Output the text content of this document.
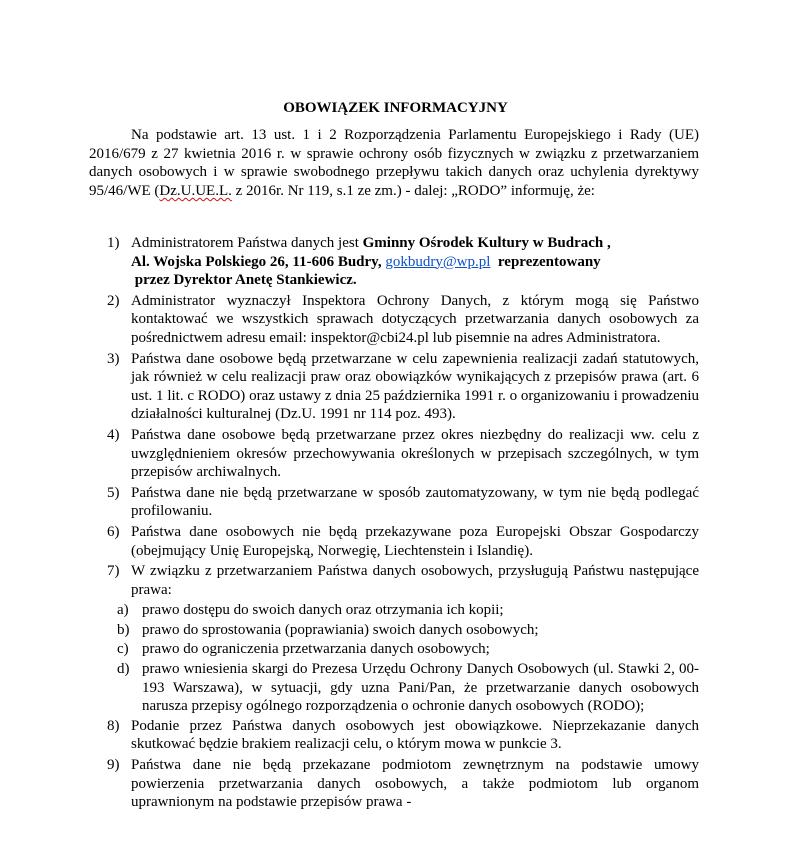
OBOWIĄZEK INFORMACYJNY
Na podstawie art. 13 ust. 1 i 2 Rozporządzenia Parlamentu Europejskiego i Rady (UE) 2016/679 z 27 kwietnia 2016 r. w sprawie ochrony osób fizycznych w związku z przetwarzaniem danych osobowych i w sprawie swobodnego przepływu takich danych oraz uchylenia dyrektywy 95/46/WE (Dz.U.UE.L. z 2016r. Nr 119, s.1 ze zm.) - dalej: „RODO” informuję, że:
1) Administratorem Państwa danych jest Gminny Ośrodek Kultury w Budrach ,
Al. Wojska Polskiego 26, 11-606 Budry, gokbudry@wp.pl  reprezentowany
przez Dyrektor Anetę Stankiewicz.
2) Administrator wyznaczył Inspektora Ochrony Danych, z którym mogą się Państwo kontaktować we wszystkich sprawach dotyczących przetwarzania danych osobowych za pośrednictwem adresu email: inspektor@cbi24.pl lub pisemnie na adres Administratora.
3) Państwa dane osobowe będą przetwarzane w celu zapewnienia realizacji zadań statutowych, jak również w celu realizacji praw oraz obowiązków wynikających z przepisów prawa (art. 6 ust. 1 lit. c RODO) oraz ustawy z dnia 25 października 1991 r. o organizowaniu i prowadzeniu działalności kulturalnej (Dz.U. 1991 nr 114 poz. 493).
4) Państwa dane osobowe będą przetwarzane przez okres niezbędny do realizacji ww. celu z uwzględnieniem okresów przechowywania określonych w przepisach szczególnych, w tym przepisów archiwalnych.
5) Państwa dane nie będą przetwarzane w sposób zautomatyzowany, w tym nie będą podlegać profilowaniu.
6) Państwa dane osobowych nie będą przekazywane poza Europejski Obszar Gospodarczy (obejmujący Unię Europejską, Norwegię, Liechtenstein i Islandię).
7) W związku z przetwarzaniem Państwa danych osobowych, przysługują Państwu następujące prawa:
a) prawo dostępu do swoich danych oraz otrzymania ich kopii;
b) prawo do sprostowania (poprawiania) swoich danych osobowych;
c) prawo do ograniczenia przetwarzania danych osobowych;
d) prawo wniesienia skargi do Prezesa Urzędu Ochrony Danych Osobowych (ul. Stawki 2, 00-193 Warszawa), w sytuacji, gdy uzna Pani/Pan, że przetwarzanie danych osobowych narusza przepisy ogólnego rozporządzenia o ochronie danych osobowych (RODO);
8) Podanie przez Państwa danych osobowych jest obowiązkowe. Nieprzekazanie danych skutkować będzie brakiem realizacji celu, o którym mowa w punkcie 3.
9) Państwa dane nie będą przekazane podmiotom zewnętrznym na podstawie umowy powierzenia przetwarzania danych osobowych, a także podmiotom lub organom uprawnionym na podstawie przepisów prawa -
